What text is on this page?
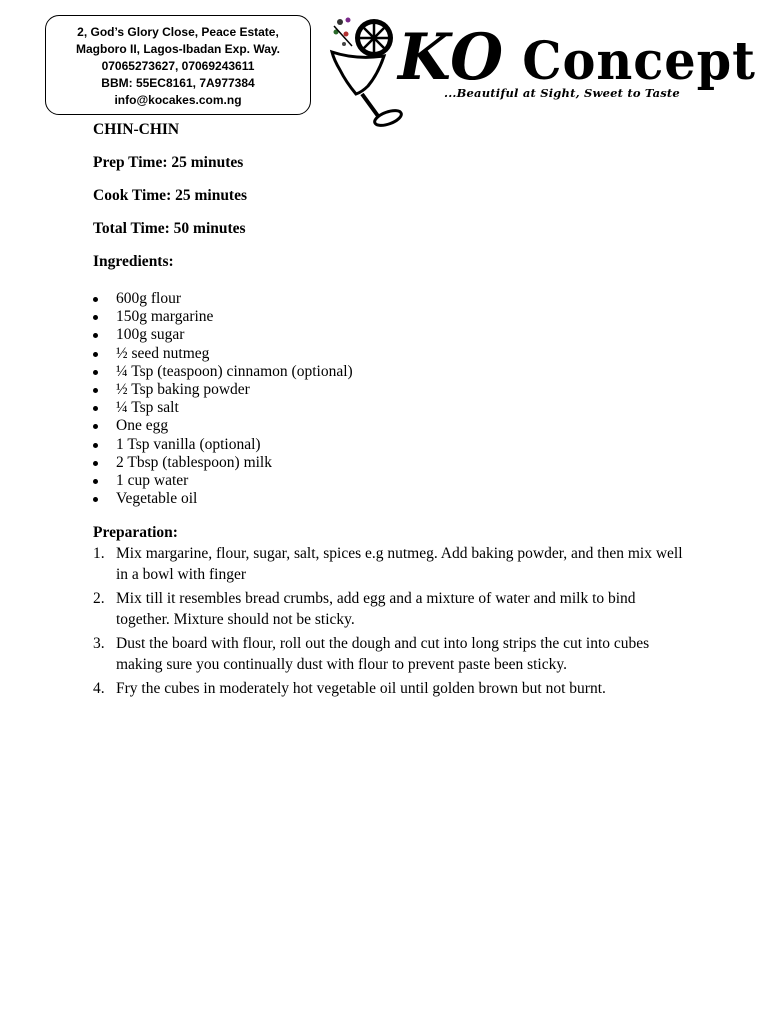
2, God’s Glory Close, Peace Estate,
Magboro II, Lagos-Ibadan Exp. Way.
07065273627, 07069243611
BBM: 55EC8161, 7A977384
info@kocakes.com.ng
KO Concept
...Beautiful at Sight, Sweet to Taste

CHIN-CHIN

Prep Time: 25 minutes

Cook Time: 25 minutes

Total Time: 50 minutes

Ingredients:

600g flour
150g margarine
100g sugar
½ seed nutmeg
¼ Tsp (teaspoon) cinnamon (optional)
½ Tsp baking powder
¼ Tsp salt
One egg
1 Tsp vanilla (optional)
2 Tbsp (tablespoon) milk
1 cup water
Vegetable oil

Preparation:

1. Mix margarine, flour, sugar, salt, spices e.g nutmeg. Add baking powder, and then mix well in a bowl with finger
2. Mix till it resembles bread crumbs, add egg and a mixture of water and milk to bind together. Mixture should not be sticky.
3. Dust the board with flour, roll out the dough and cut into long strips the cut into cubes making sure you continually dust with flour to prevent paste been sticky.
4. Fry the cubes in moderately hot vegetable oil until golden brown but not burnt.
